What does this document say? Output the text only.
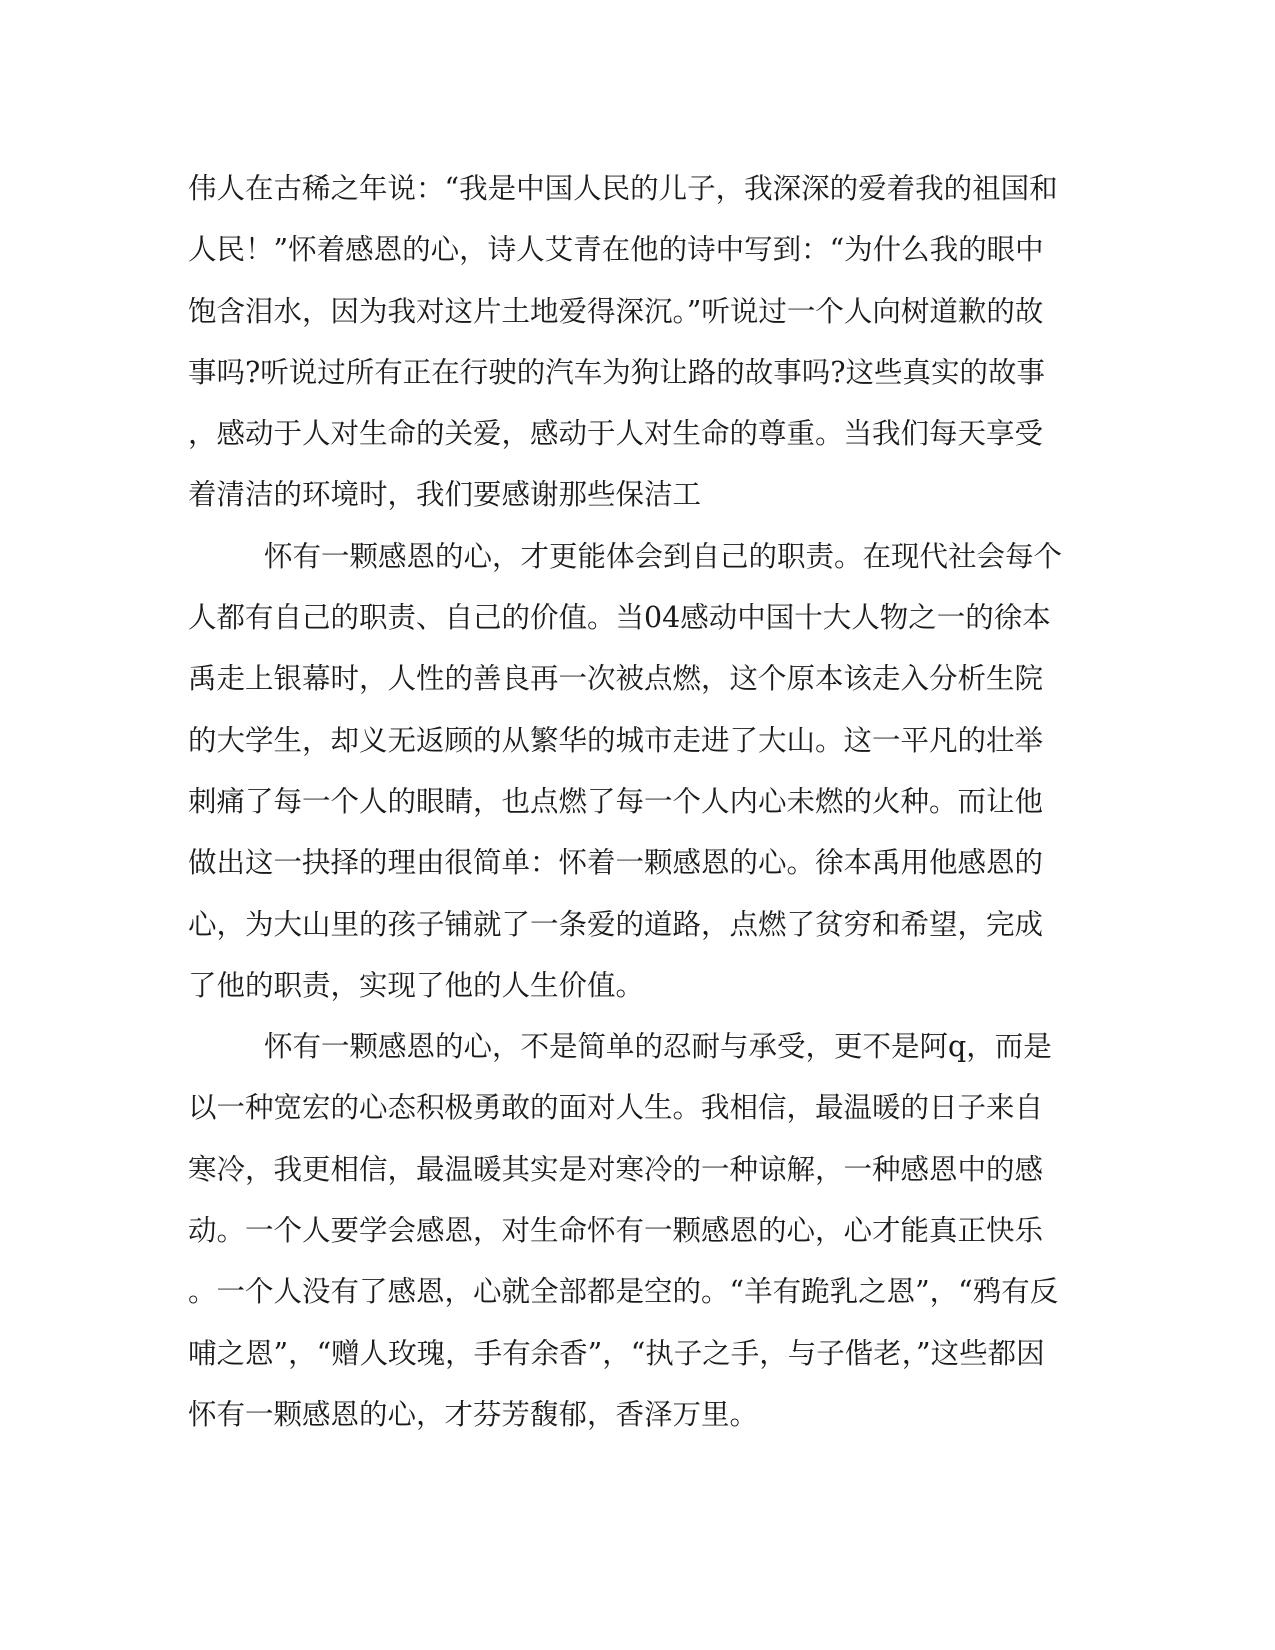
伟人在古稀之年说：“我是中国人民的儿子，我深深的爱着我的祖国和
人民！”怀着感恩的心，诗人艾青在他的诗中写到：“为什么我的眼中
饱含泪水，因为我对这片土地爱得深沉。”听说过一个人向树道歉的故
事吗?听说过所有正在行驶的汽车为狗让路的故事吗?这些真实的故事
，感动于人对生命的关爱，感动于人对生命的尊重。当我们每天享受
着清洁的环境时，我们要感谢那些保洁工
怀有一颗感恩的心，才更能体会到自己的职责。在现代社会每个
人都有自己的职责、自己的价值。当04感动中国十大人物之一的徐本
禹走上银幕时，人性的善良再一次被点燃，这个原本该走入分析生院
的大学生，却义无返顾的从繁华的城市走进了大山。这一平凡的壮举
刺痛了每一个人的眼睛，也点燃了每一个人内心未燃的火种。而让他
做出这一抉择的理由很简单：怀着一颗感恩的心。徐本禹用他感恩的
心，为大山里的孩子铺就了一条爱的道路，点燃了贫穷和希望，完成
了他的职责，实现了他的人生价值。
怀有一颗感恩的心，不是简单的忍耐与承受，更不是阿q，而是
以一种宽宏的心态积极勇敢的面对人生。我相信，最温暖的日子来自
寒冷，我更相信，最温暖其实是对寒冷的一种谅解，一种感恩中的感
动。一个人要学会感恩，对生命怀有一颗感恩的心，心才能真正快乐
。一个人没有了感恩，心就全部都是空的。“羊有跪乳之恩”，“鸦有反
哺之恩”，“赠人玫瑰，手有余香”，“执子之手，与子偕老，”这些都因
怀有一颗感恩的心，才芬芳馥郁，香泽万里。
